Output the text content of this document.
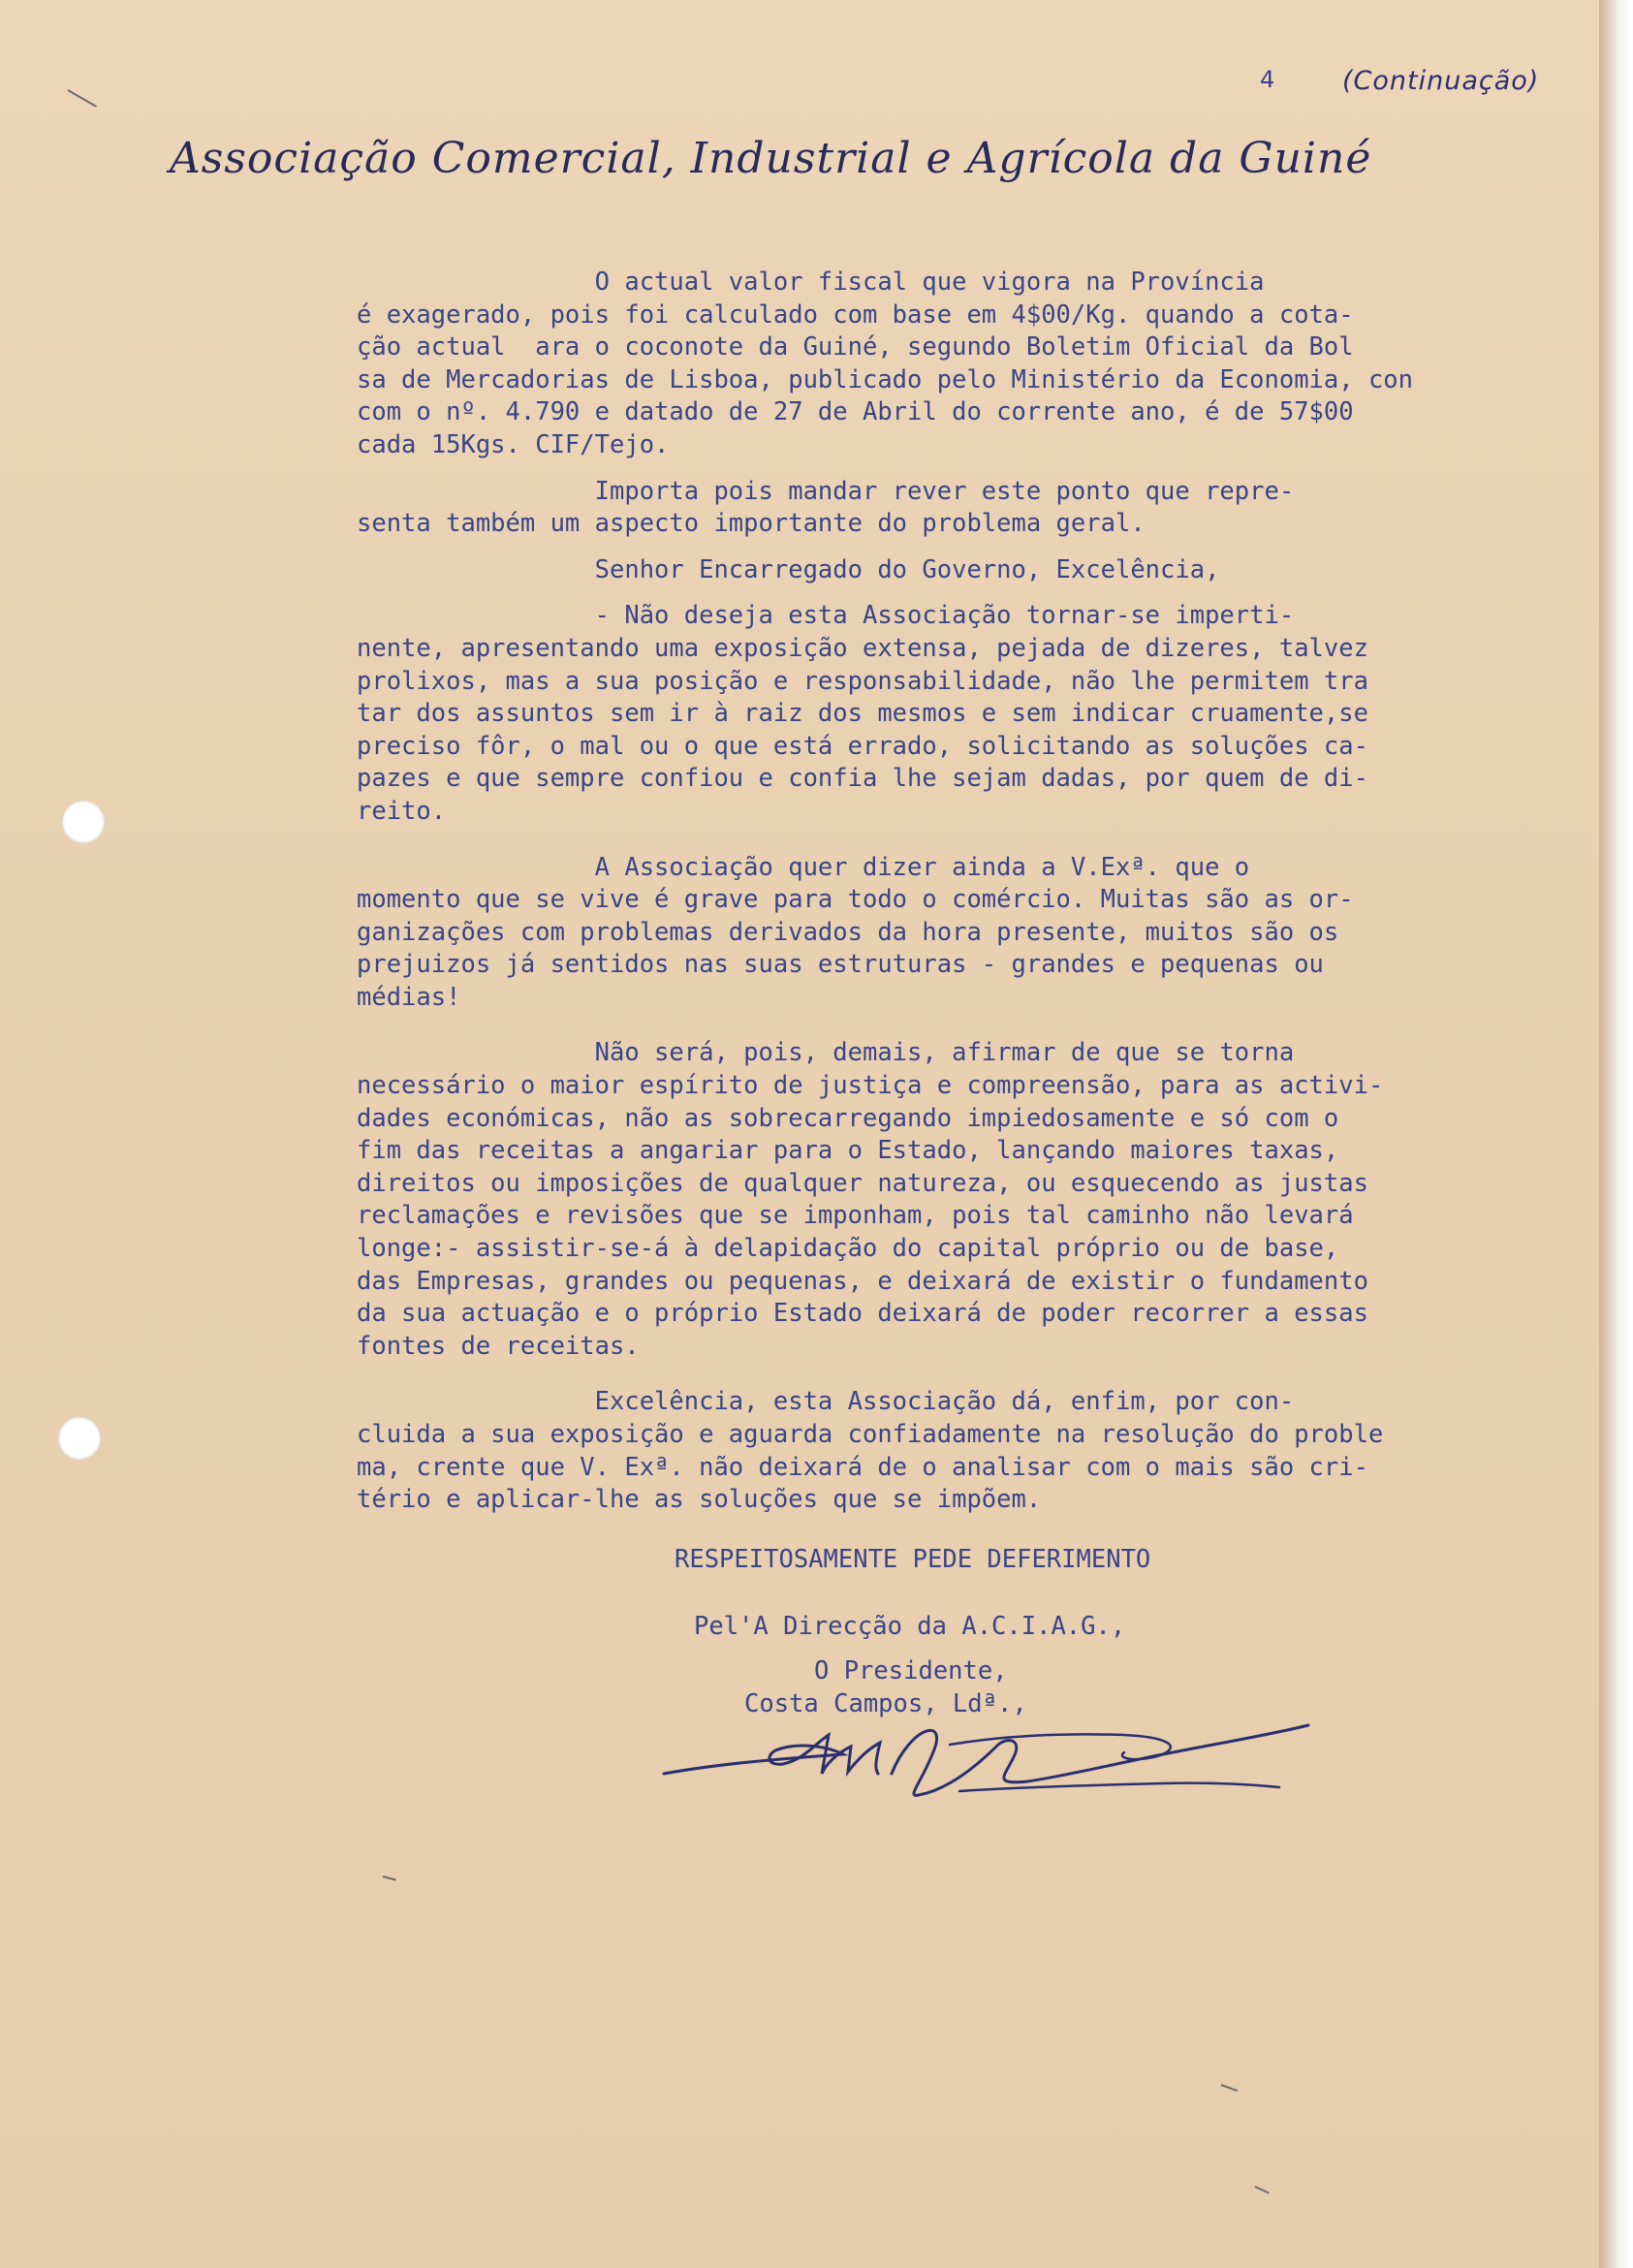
4	(Continuação)
Associação Comercial, Industrial e Agrícola da Guiné
O actual valor fiscal que vigora na Província
é exagerado, pois foi calculado com base em 4$00/Kg. quando a cota-
ção actual  ara o coconote da Guiné, segundo Boletim Oficial da Bol
sa de Mercadorias de Lisboa, publicado pelo Ministério da Economia, con
com o nº. 4.790 e datado de 27 de Abril do corrente ano, é de 57$00
cada 15Kgs. CIF/Tejo.
Importa pois mandar rever este ponto que repre-
senta também um aspecto importante do problema geral.
Senhor Encarregado do Governo, Excelência,
- Não deseja esta Associação tornar-se imperti-
nente, apresentando uma exposição extensa, pejada de dizeres, talvez
prolixos, mas a sua posição e responsabilidade, não lhe permitem tra
tar dos assuntos sem ir à raiz dos mesmos e sem indicar cruamente,se
preciso fôr, o mal ou o que está errado, solicitando as soluções ca-
pazes e que sempre confiou e confia lhe sejam dadas, por quem de di-
reito.
A Associação quer dizer ainda a V.Exª. que o
momento que se vive é grave para todo o comércio. Muitas são as or-
ganizações com problemas derivados da hora presente, muitos são os
prejuizos já sentidos nas suas estruturas - grandes e pequenas ou
médias!
Não será, pois, demais, afirmar de que se torna
necessário o maior espírito de justiça e compreensão, para as activi-
dades económicas, não as sobrecarregando impiedosamente e só com o
fim das receitas a angariar para o Estado, lançando maiores taxas,
direitos ou imposições de qualquer natureza, ou esquecendo as justas
reclamações e revisões que se imponham, pois tal caminho não levará
longe:- assistir-se-á à delapidação do capital próprio ou de base,
das Empresas, grandes ou pequenas, e deixará de existir o fundamento
da sua actuação e o próprio Estado deixará de poder recorrer a essas
fontes de receitas.
Excelência, esta Associação dá, enfim, por con-
cluida a sua exposição e aguarda confiadamente na resolução do proble
ma, crente que V. Exª. não deixará de o analisar com o mais são cri-
tério e aplicar-lhe as soluções que se impõem.
RESPEITOSAMENTE PEDE DEFERIMENTO
Pel'A Direcção da A.C.I.A.G.,
O Presidente,
Costa Campos, Ldª.,
